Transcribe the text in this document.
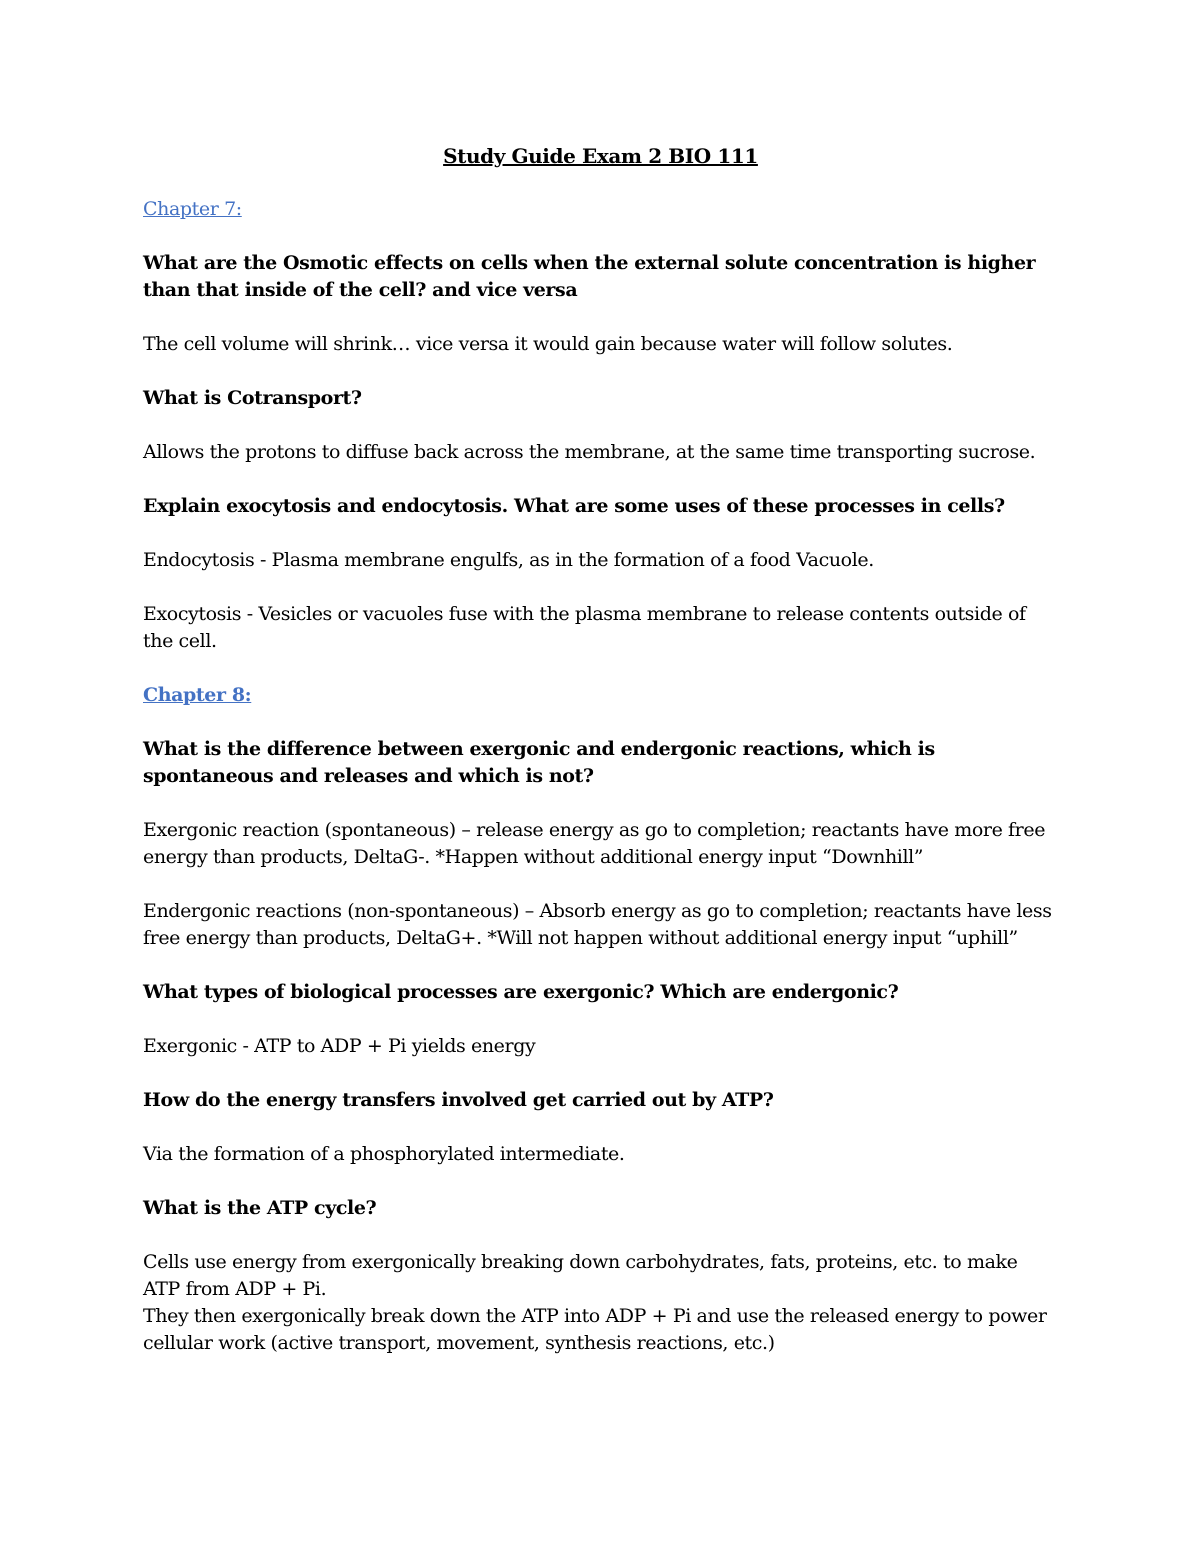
Study Guide Exam 2 BIO 111

Chapter 7:

What are the Osmotic effects on cells when the external solute concentration is higher than that inside of the cell? and vice versa

The cell volume will shrink… vice versa it would gain because water will follow solutes.

What is Cotransport?

Allows the protons to diffuse back across the membrane, at the same time transporting sucrose.

Explain exocytosis and endocytosis. What are some uses of these processes in cells?

Endocytosis - Plasma membrane engulfs, as in the formation of a food Vacuole.

Exocytosis - Vesicles or vacuoles fuse with the plasma membrane to release contents outside of the cell.

Chapter 8:

What is the difference between exergonic and endergonic reactions, which is spontaneous and releases and which is not?

Exergonic reaction (spontaneous) – release energy as go to completion; reactants have more free energy than products, DeltaG-. *Happen without additional energy input “Downhill”

Endergonic reactions (non-spontaneous) – Absorb energy as go to completion; reactants have less free energy than products, DeltaG+. *Will not happen without additional energy input “uphill”

What types of biological processes are exergonic? Which are endergonic?

Exergonic - ATP to ADP + Pi yields energy

How do the energy transfers involved get carried out by ATP?

Via the formation of a phosphorylated intermediate.

What is the ATP cycle?

Cells use energy from exergonically breaking down carbohydrates, fats, proteins, etc. to make ATP from ADP + Pi.

They then exergonically break down the ATP into ADP + Pi and use the released energy to power cellular work (active transport, movement, synthesis reactions, etc.)
